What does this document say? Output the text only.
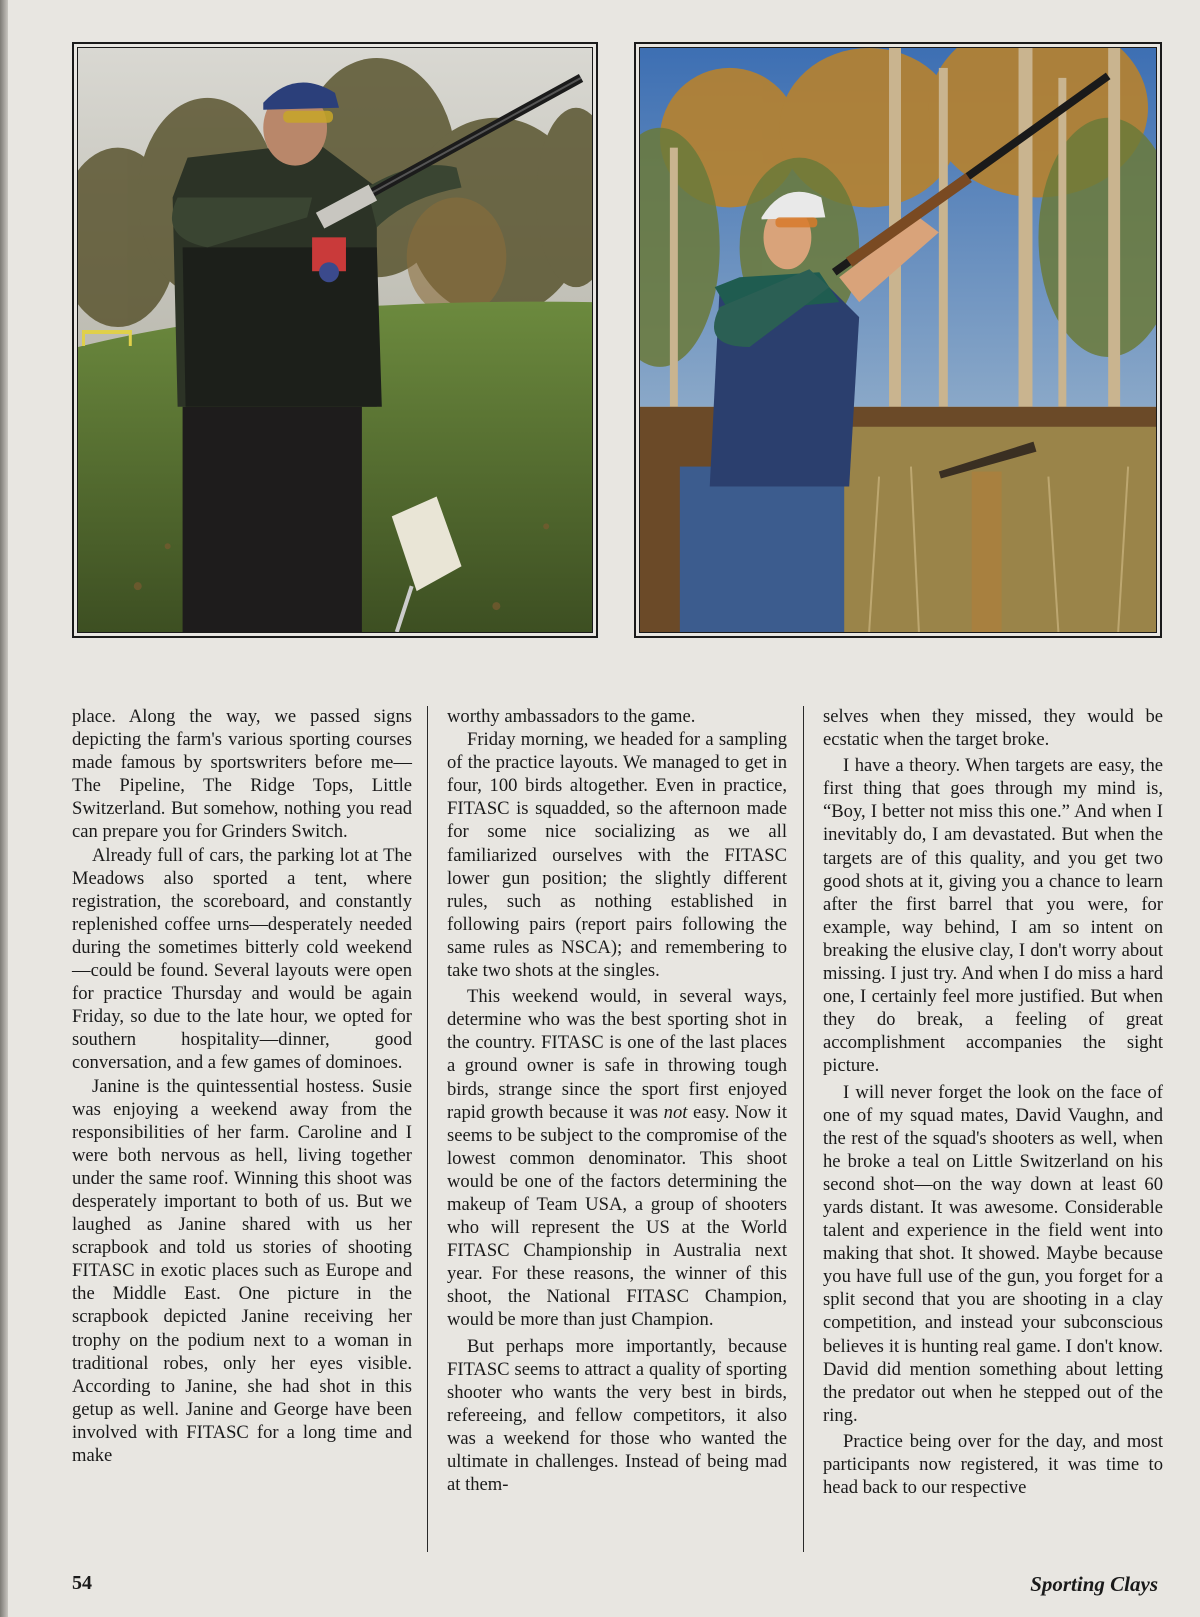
place. Along the way, we passed signs depicting the farm's various sporting courses made famous by sportswriters before me—The Pipeline, The Ridge Tops, Little Switzerland. But somehow, nothing you read can prepare you for Grinders Switch.

Already full of cars, the parking lot at The Meadows also sported a tent, where registration, the scoreboard, and constantly replenished coffee urns—desperately needed during the sometimes bitterly cold weekend—could be found. Several layouts were open for practice Thursday and would be again Friday, so due to the late hour, we opted for southern hospitality—dinner, good conversation, and a few games of dominoes.

Janine is the quintessential hostess. Susie was enjoying a weekend away from the responsibilities of her farm. Caroline and I were both nervous as hell, living together under the same roof. Winning this shoot was desperately important to both of us. But we laughed as Janine shared with us her scrapbook and told us stories of shooting FITASC in exotic places such as Europe and the Middle East. One picture in the scrapbook depicted Janine receiving her trophy on the podium next to a woman in traditional robes, only her eyes visible. According to Janine, she had shot in this getup as well. Janine and George have been involved with FITASC for a long time and make

worthy ambassadors to the game.

Friday morning, we headed for a sampling of the practice layouts. We managed to get in four, 100 birds altogether. Even in practice, FITASC is squadded, so the afternoon made for some nice socializing as we all familiarized ourselves with the FITASC lower gun position; the slightly different rules, such as nothing established in following pairs (report pairs following the same rules as NSCA); and remembering to take two shots at the singles.

This weekend would, in several ways, determine who was the best sporting shot in the country. FITASC is one of the last places a ground owner is safe in throwing tough birds, strange since the sport first enjoyed rapid growth because it was not easy. Now it seems to be subject to the compromise of the lowest common denominator. This shoot would be one of the factors determining the makeup of Team USA, a group of shooters who will represent the US at the World FITASC Championship in Australia next year. For these reasons, the winner of this shoot, the National FITASC Champion, would be more than just Champion.

But perhaps more importantly, because FITASC seems to attract a quality of sporting shooter who wants the very best in birds, refereeing, and fellow competitors, it also was a weekend for those who wanted the ultimate in challenges. Instead of being mad at them-

selves when they missed, they would be ecstatic when the target broke.

I have a theory. When targets are easy, the first thing that goes through my mind is, “Boy, I better not miss this one.” And when I inevitably do, I am devastated. But when the targets are of this quality, and you get two good shots at it, giving you a chance to learn after the first barrel that you were, for example, way behind, I am so intent on breaking the elusive clay, I don't worry about missing. I just try. And when I do miss a hard one, I certainly feel more justified. But when they do break, a feeling of great accomplishment accompanies the sight picture.

I will never forget the look on the face of one of my squad mates, David Vaughn, and the rest of the squad's shooters as well, when he broke a teal on Little Switzerland on his second shot—on the way down at least 60 yards distant. It was awesome. Considerable talent and experience in the field went into making that shot. It showed. Maybe because you have full use of the gun, you forget for a split second that you are shooting in a clay competition, and instead your subconscious believes it is hunting real game. I don't know. David did mention something about letting the predator out when he stepped out of the ring.

Practice being over for the day, and most participants now registered, it was time to head back to our respective

54	Sporting Clays
